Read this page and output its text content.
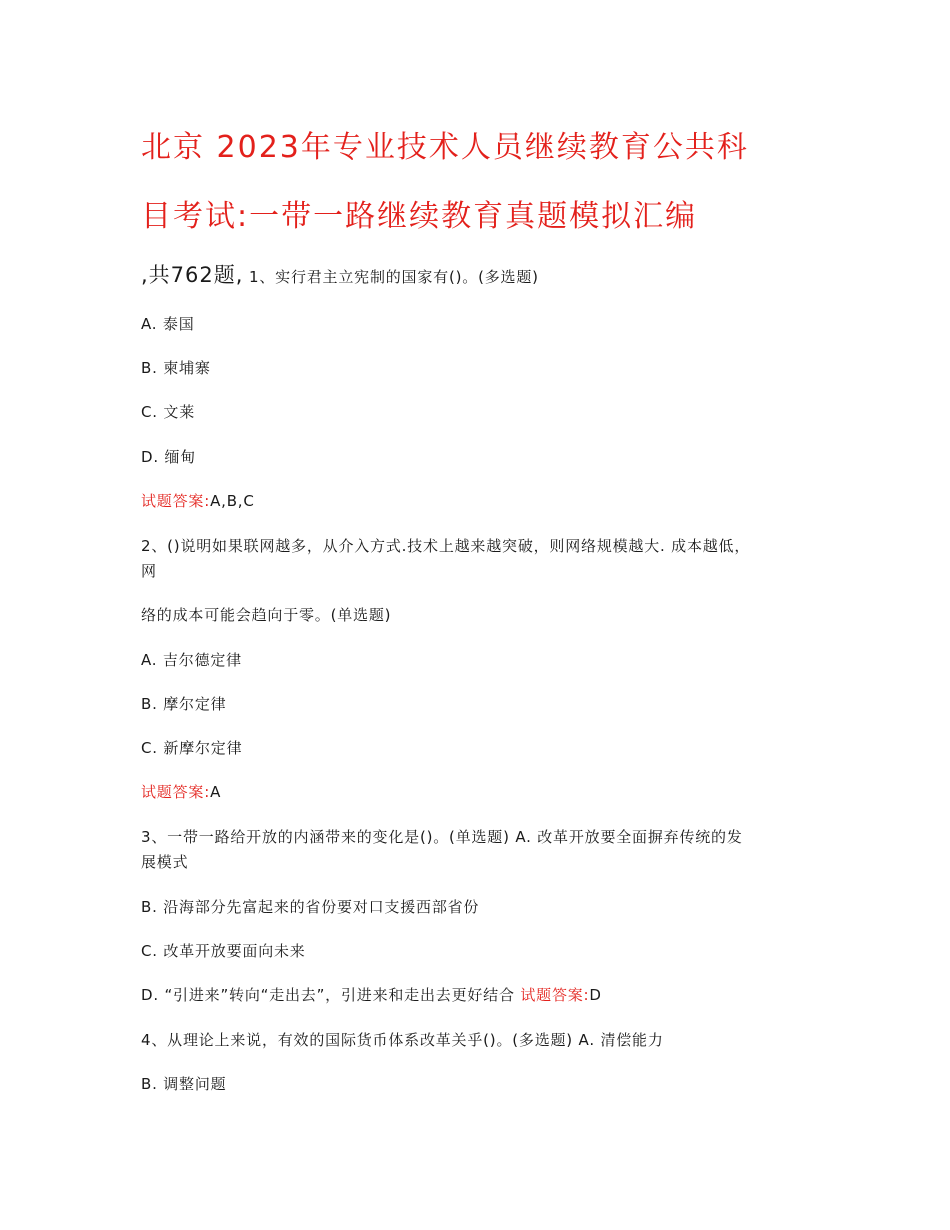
北京 2023年专业技术人员继续教育公共科
目考试:一带一路继续教育真题模拟汇编
,共762题, 1、实行君主立宪制的国家有()。(多选题)
A. 泰国
B. 柬埔寨
C. 文莱
D. 缅甸
试题答案:A,B,C
2、()说明如果联网越多，从介入方式.技术上越来越突破，则网络规模越大. 成本越低，
网
络的成本可能会趋向于零。(单选题)
A. 吉尔德定律
B. 摩尔定律
C. 新摩尔定律
试题答案:A
3、一带一路给开放的内涵带来的变化是()。(单选题) A. 改革开放要全面摒弃传统的发
展模式
B. 沿海部分先富起来的省份要对口支援西部省份
C. 改革开放要面向未来
D. “引进来”转向“走出去”，引进来和走出去更好结合 试题答案:D
4、从理论上来说，有效的国际货币体系改革关乎()。(多选题) A. 清偿能力
B. 调整问题
